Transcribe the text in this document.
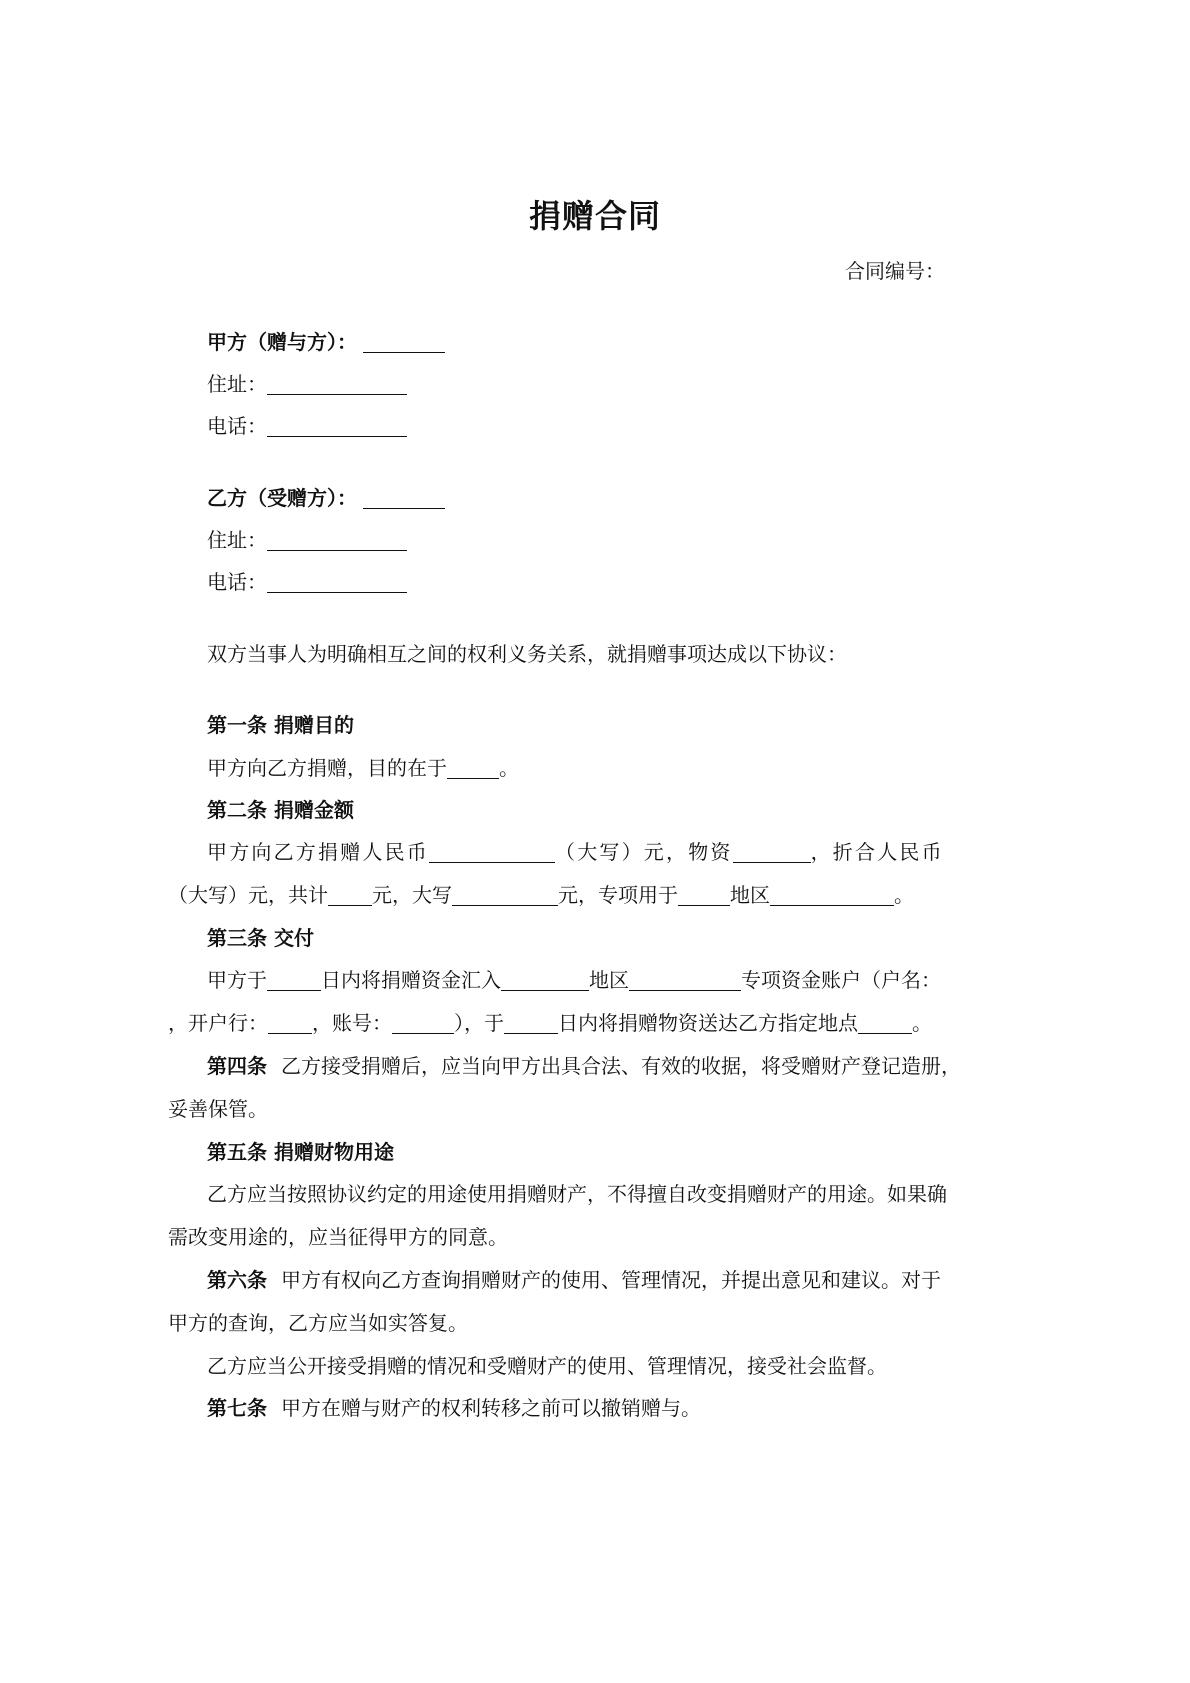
捐赠合同
合同编号：
甲方（赠与方）：
住址：
电话：
乙方（受赠方）：
住址：
电话：
双方当事人为明确相互之间的权利义务关系，就捐赠事项达成以下协议：
第一条 捐赠目的
甲方向乙方捐赠，目的在于	。
第二条 捐赠金额
甲方向乙方捐赠人民币	（大写）元，物资	，折合人民币
（大写）元，共计 元，大写	元，专项用于	地区	。
第三条 交付
甲方于	日内将捐赠资金汇入	地区	专项资金账户（户名：
，开户行： ，账号：	），于	日内将捐赠物资送达乙方指定地点	。
第四条 乙方接受捐赠后，应当向甲方出具合法、有效的收据，将受赠财产登记造册，
妥善保管。
第五条 捐赠财物用途
乙方应当按照协议约定的用途使用捐赠财产，不得擅自改变捐赠财产的用途。如果确
需改变用途的，应当征得甲方的同意。
第六条 甲方有权向乙方查询捐赠财产的使用、管理情况，并提出意见和建议。对于
甲方的查询，乙方应当如实答复。
乙方应当公开接受捐赠的情况和受赠财产的使用、管理情况，接受社会监督。
第七条 甲方在赠与财产的权利转移之前可以撤销赠与。
